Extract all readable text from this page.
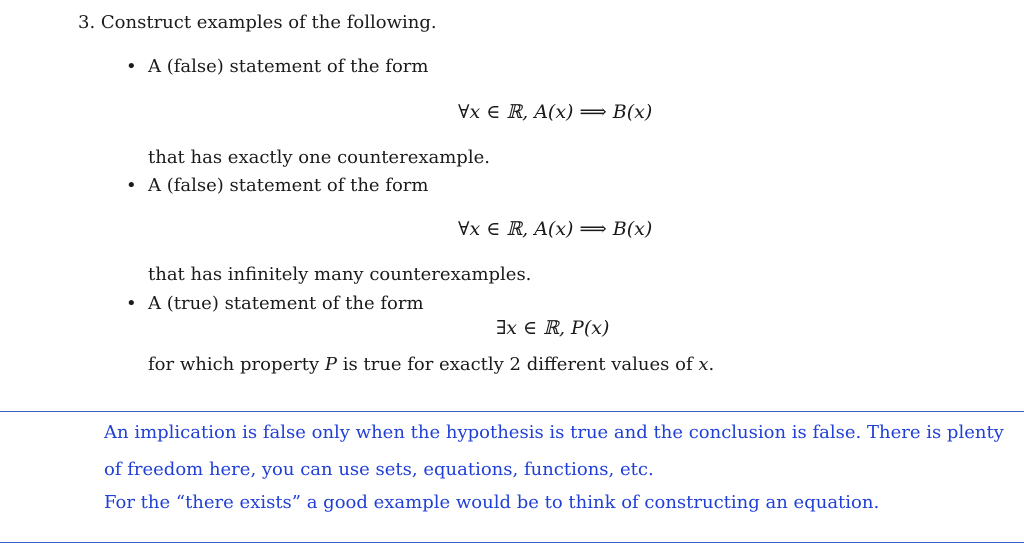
3. Construct examples of the following.
• A (false) statement of the form
∀x ∈ ℝ, A(x) ⟹ B(x)
that has exactly one counterexample.
• A (false) statement of the form
∀x ∈ ℝ, A(x) ⟹ B(x)
that has infinitely many counterexamples.
• A (true) statement of the form
∃x ∈ ℝ, P(x)
for which property P is true for exactly 2 different values of x.
An implication is false only when the hypothesis is true and the conclusion is false. There is plenty
of freedom here, you can use sets, equations, functions, etc.
For the “there exists” a good example would be to think of constructing an equation.
